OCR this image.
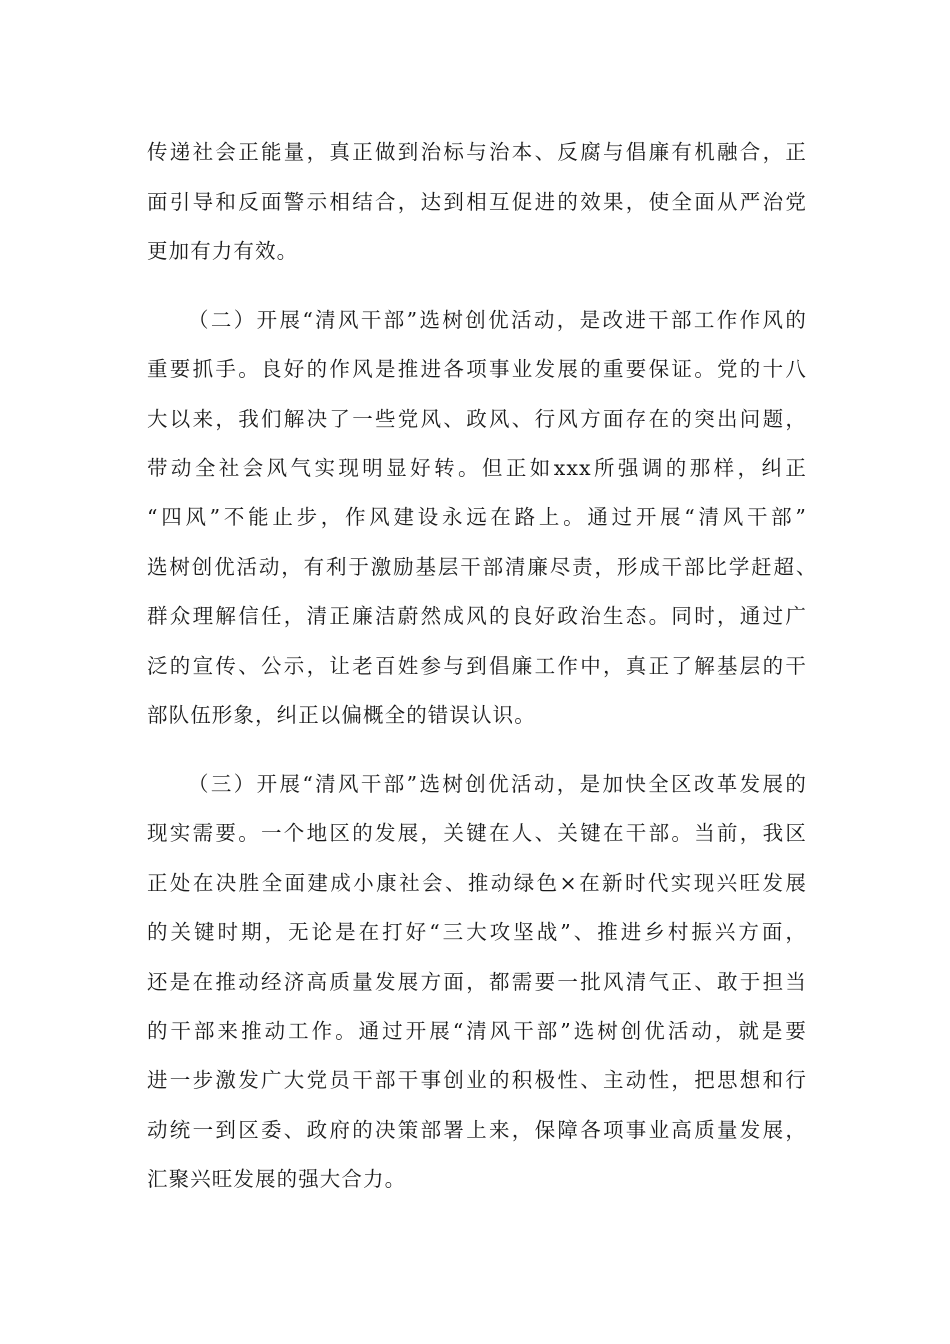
传递社会正能量，真正做到治标与治本、反腐与倡廉有机融合，正
面引导和反面警示相结合，达到相互促进的效果，使全面从严治党
更加有力有效。
（二）开展“清风干部”选树创优活动，是改进干部工作作风的
重要抓手。良好的作风是推进各项事业发展的重要保证。党的十八
大以来，我们解决了一些党风、政风、行风方面存在的突出问题，
带动全社会风气实现明显好转。但正如xxx所强调的那样，纠正
“四风”不能止步，作风建设永远在路上。通过开展“清风干部”
选树创优活动，有利于激励基层干部清廉尽责，形成干部比学赶超、
群众理解信任，清正廉洁蔚然成风的良好政治生态。同时，通过广
泛的宣传、公示，让老百姓参与到倡廉工作中，真正了解基层的干
部队伍形象，纠正以偏概全的错误认识。
（三）开展“清风干部”选树创优活动，是加快全区改革发展的
现实需要。一个地区的发展，关键在人、关键在干部。当前，我区
正处在决胜全面建成小康社会、推动绿色×在新时代实现兴旺发展
的关键时期，无论是在打好“三大攻坚战”、推进乡村振兴方面，
还是在推动经济高质量发展方面，都需要一批风清气正、敢于担当
的干部来推动工作。通过开展“清风干部”选树创优活动，就是要
进一步激发广大党员干部干事创业的积极性、主动性，把思想和行
动统一到区委、政府的决策部署上来，保障各项事业高质量发展，
汇聚兴旺发展的强大合力。
